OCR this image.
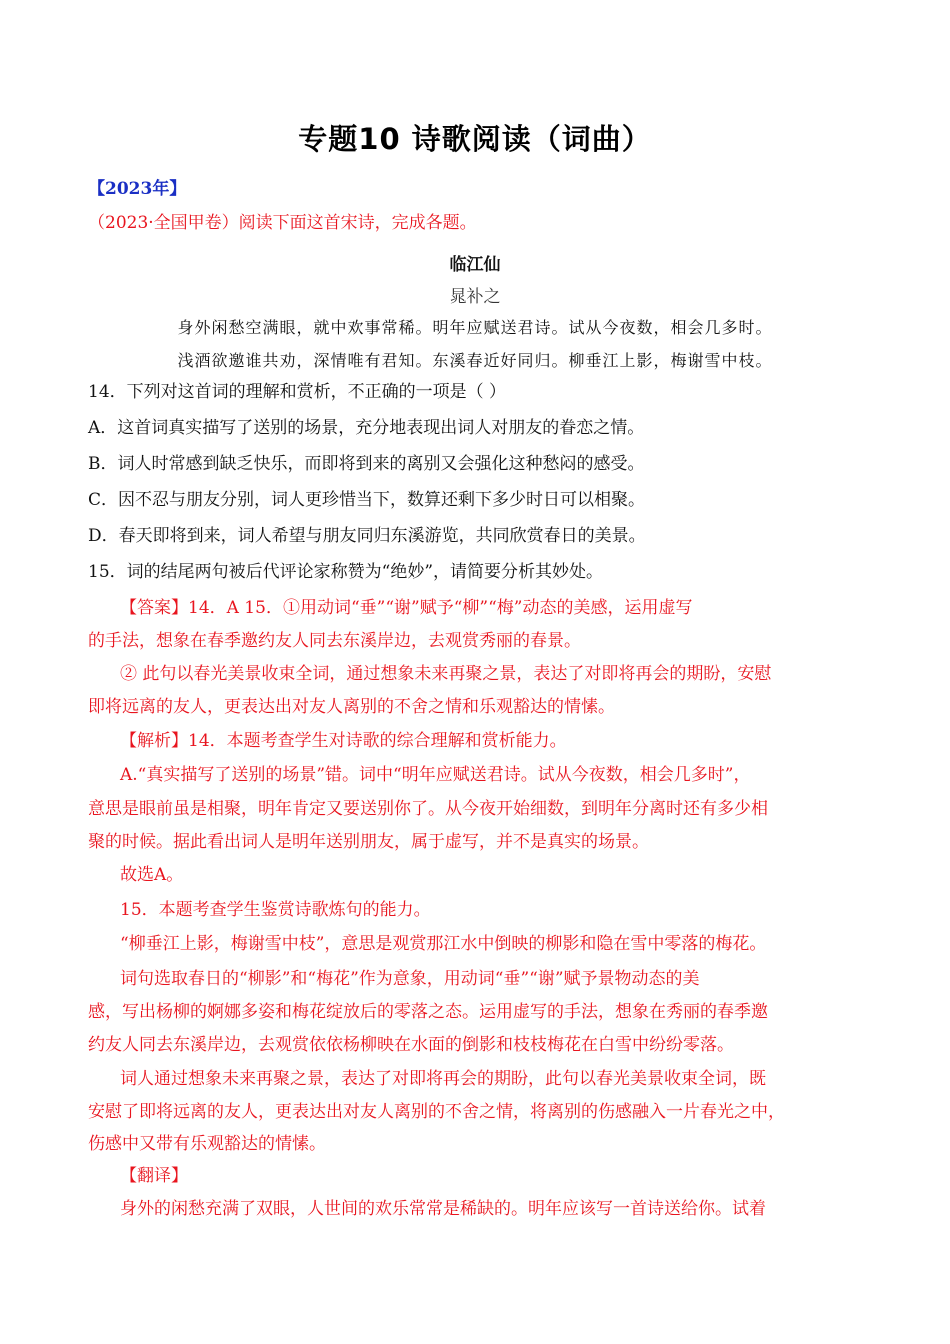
专题10 诗歌阅读（词曲）
【2023年】
（2023·全国甲卷）阅读下面这首宋诗，完成各题。
临江仙
晁补之
身外闲愁空满眼，就中欢事常稀。明年应赋送君诗。试从今夜数，相会几多时。
浅酒欲邀谁共劝，深情唯有君知。东溪春近好同归。柳垂江上影，梅谢雪中枝。
14．下列对这首词的理解和赏析，不正确的一项是（ ）
A．这首词真实描写了送别的场景，充分地表现出词人对朋友的眷恋之情。
B．词人时常感到缺乏快乐，而即将到来的离别又会强化这种愁闷的感受。
C．因不忍与朋友分别，词人更珍惜当下，数算还剩下多少时日可以相聚。
D．春天即将到来，词人希望与朋友同归东溪游览，共同欣赏春日的美景。
15．词的结尾两句被后代评论家称赞为“绝妙”，请简要分析其妙处。
【答案】14．A 15．①用动词“垂”“谢”赋予“柳”“梅”动态的美感，运用虚写
的手法，想象在春季邀约友人同去东溪岸边，去观赏秀丽的春景。
② 此句以春光美景收束全词，通过想象未来再聚之景，表达了对即将再会的期盼，安慰
即将远离的友人，更表达出对友人离别的不舍之情和乐观豁达的情愫。
【解析】14．本题考查学生对诗歌的综合理解和赏析能力。
A.“真实描写了送别的场景”错。词中“明年应赋送君诗。试从今夜数，相会几多时”，
意思是眼前虽是相聚，明年肯定又要送别你了。从今夜开始细数，到明年分离时还有多少相
聚的时候。据此看出词人是明年送别朋友，属于虚写，并不是真实的场景。
故选A。
15．本题考查学生鉴赏诗歌炼句的能力。
“柳垂江上影，梅谢雪中枝”，意思是观赏那江水中倒映的柳影和隐在雪中零落的梅花。
词句选取春日的“柳影”和“梅花”作为意象，用动词“垂”“谢”赋予景物动态的美
感，写出杨柳的婀娜多姿和梅花绽放后的零落之态。运用虚写的手法，想象在秀丽的春季邀
约友人同去东溪岸边，去观赏依依杨柳映在水面的倒影和枝枝梅花在白雪中纷纷零落。
词人通过想象未来再聚之景，表达了对即将再会的期盼，此句以春光美景收束全词，既
安慰了即将远离的友人，更表达出对友人离别的不舍之情，将离别的伤感融入一片春光之中，
伤感中又带有乐观豁达的情愫。
【翻译】
身外的闲愁充满了双眼，人世间的欢乐常常是稀缺的。明年应该写一首诗送给你。试着
